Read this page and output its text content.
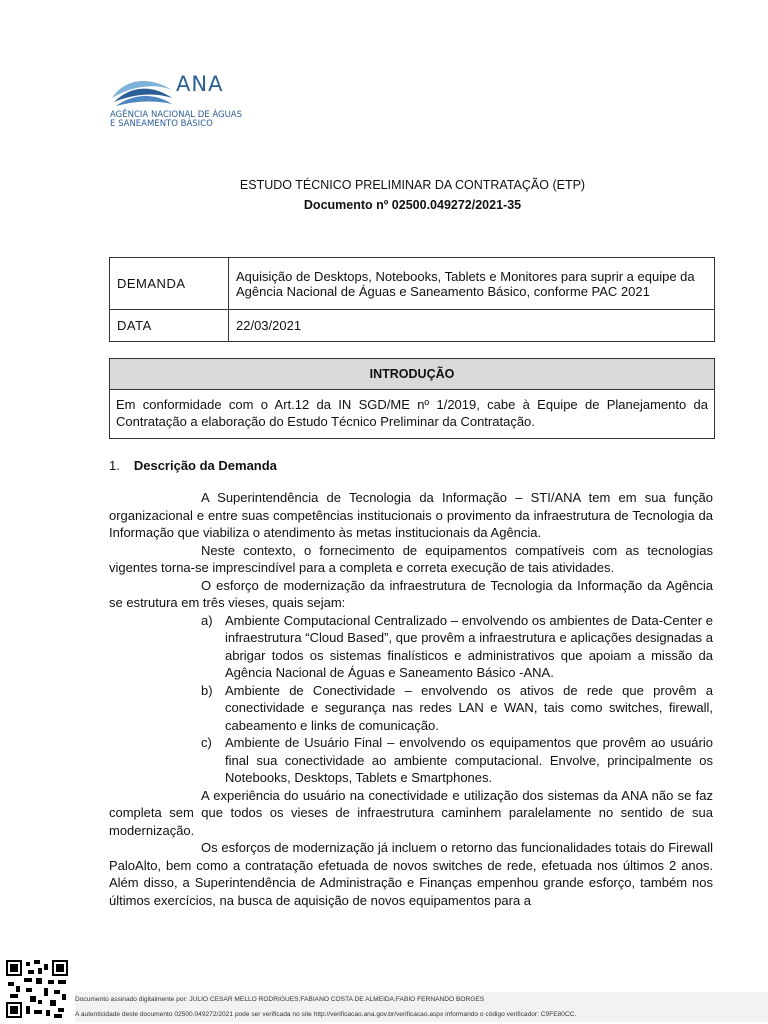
ANA
AGÊNCIA NACIONAL DE ÁGUAS
E SANEAMENTO BÁSICO
ESTUDO TÉCNICO PRELIMINAR DA CONTRATAÇÃO (ETP)
Documento nº 02500.049272/2021-35
DEMANDA	Aquisição de Desktops, Notebooks, Tablets e Monitores para suprir a equipe da Agência Nacional de Águas e Saneamento Básico, conforme PAC 2021
DATA	22/03/2021
INTRODUÇÃO
Em conformidade com o Art.12 da IN SGD/ME nº 1/2019, cabe à Equipe de Planejamento da Contratação a elaboração do Estudo Técnico Preliminar da Contratação.
1. Descrição da Demanda

A Superintendência de Tecnologia da Informação – STI/ANA tem em sua função organizacional e entre suas competências institucionais o provimento da infraestrutura de Tecnologia da Informação que viabiliza o atendimento às metas institucionais da Agência.

Neste contexto, o fornecimento de equipamentos compatíveis com as tecnologias vigentes torna-se imprescindível para a completa e correta execução de tais atividades.

O esforço de modernização da infraestrutura de Tecnologia da Informação da Agência se estrutura em três vieses, quais sejam:

a) Ambiente Computacional Centralizado – envolvendo os ambientes de Data-Center e infraestrutura “Cloud Based”, que provêm a infraestrutura e aplicações designadas a abrigar todos os sistemas finalísticos e administrativos que apoiam a missão da Agência Nacional de Águas e Saneamento Básico -ANA.
b) Ambiente de Conectividade – envolvendo os ativos de rede que provêm a conectividade e segurança nas redes LAN e WAN, tais como switches, firewall, cabeamento e links de comunicação.
c)	Ambiente de Usuário Final – envolvendo os equipamentos que provêm ao usuário final sua conectividade ao ambiente computacional. Envolve, principalmente os Notebooks, Desktops, Tablets e Smartphones.

A experiência do usuário na conectividade e utilização dos sistemas da ANA não se faz completa sem que todos os vieses de infraestrutura caminhem paralelamente no sentido de sua modernização.

Os esforços de modernização já incluem o retorno das funcionalidades totais do Firewall PaloAlto, bem como a contratação efetuada de novos switches de rede, efetuada nos últimos 2 anos. Além disso, a Superintendência de Administração e Finanças empenhou grande esforço, também nos últimos exercícios, na busca de aquisição de novos equipamentos para a

Documento assinado digitalmente por: JULIO CESAR MELLO RODRIGUES;FABIANO COSTA DE ALMEIDA;FABIO FERNANDO BORGES
A autenticidade deste documento 02500.049272/2021 pode ser verificada no site http://verificacao.ana.gov.br/verificacao.aspx informando o código verificador: C9FE80CC.
